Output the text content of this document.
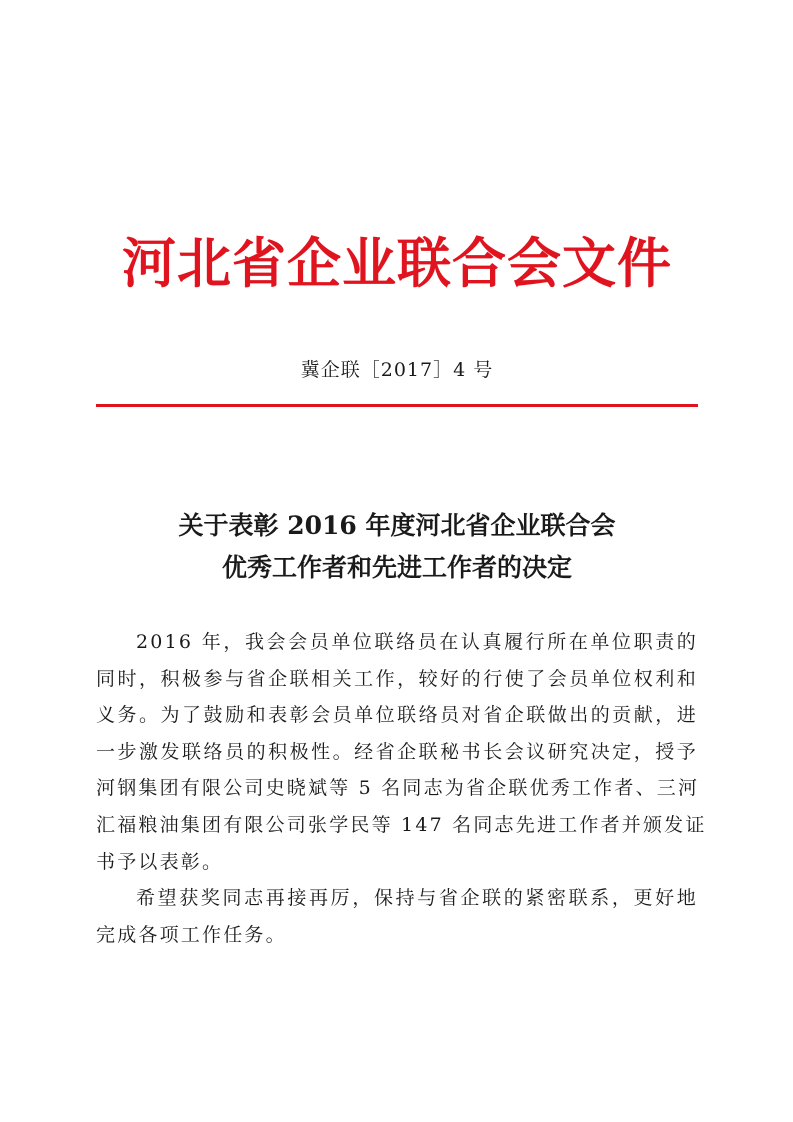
河北省企业联合会文件
冀企联［2017］4 号
关于表彰 2016 年度河北省企业联合会
优秀工作者和先进工作者的决定

2016 年，我会会员单位联络员在认真履行所在单位职责的
同时，积极参与省企联相关工作，较好的行使了会员单位权利和
义务。为了鼓励和表彰会员单位联络员对省企联做出的贡献，进
一步激发联络员的积极性。经省企联秘书长会议研究决定，授予
河钢集团有限公司史晓斌等 5 名同志为省企联优秀工作者、三河
汇福粮油集团有限公司张学民等 147 名同志先进工作者并颁发证
书予以表彰。

希望获奖同志再接再厉，保持与省企联的紧密联系，更好地
完成各项工作任务。
